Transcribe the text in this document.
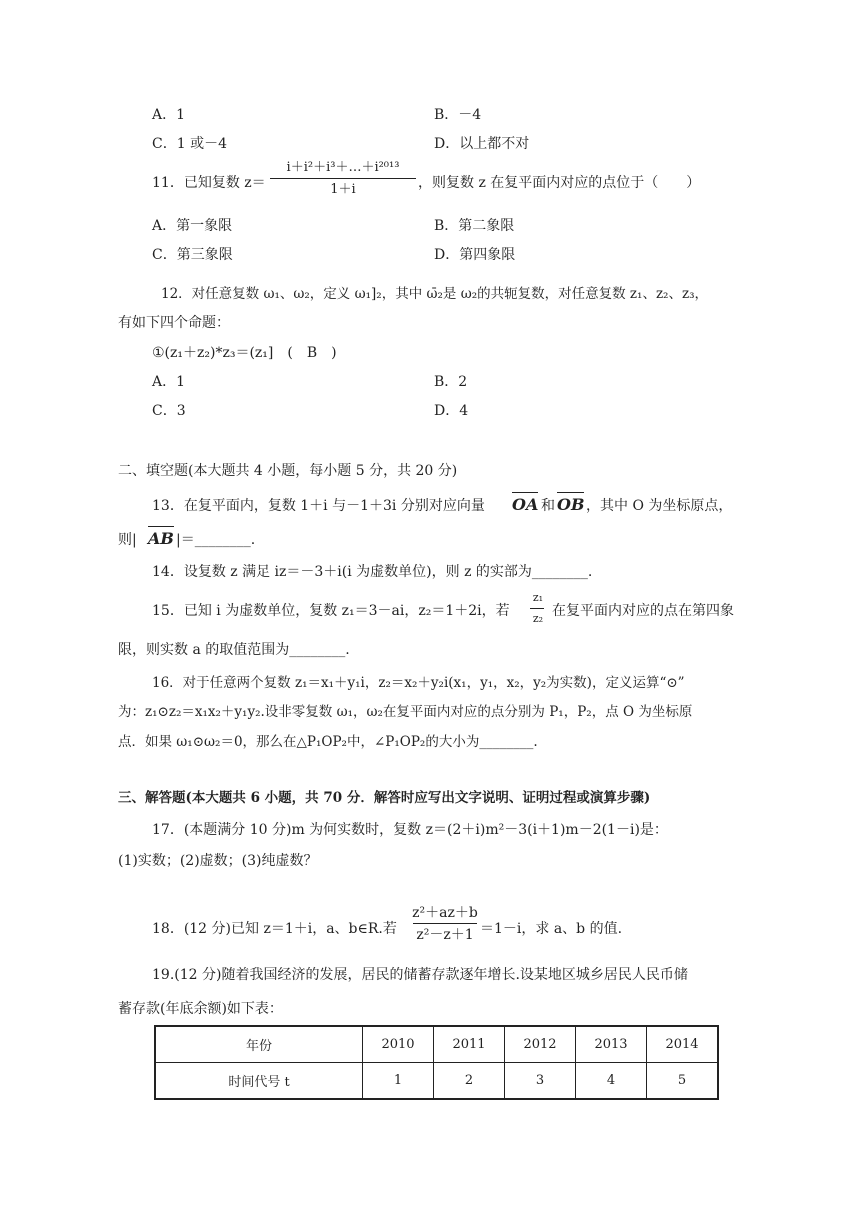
A．1	B．－4
C．1 或－4	D．以上都不对
11．已知复数 z＝
i＋i²＋i³＋…＋i²⁰¹³
1＋i	，则复数 z 在复平面内对应的点位于（　　）
A．第一象限	B．第二象限
C．第三象限	D．第四象限
12．对任意复数 ω₁、ω₂，定义 ω₁]₂，其中 ω̄₂是 ω₂的共轭复数，对任意复数 z₁、z₂、z₃，
有如下四个命题：
①(z₁＋z₂)*z₃＝(z₁]　(　B　)
A．1	B．2
C．3	D．4
二、填空题(本大题共 4 小题，每小题 5 分，共 20 分)
13．在复平面内，复数 1＋i 与－1＋3i 分别对应向量 OA 和 OB ，其中 O 为坐标原点，
则| AB |＝________.
14．设复数 z 满足 iz＝－3＋i(i 为虚数单位)，则 z 的实部为________.
15．已知 i 为虚数单位，复数 z₁＝3－ai，z₂＝1＋2i，若
z₁
z₂ 在复平面内对应的点在第四象
限，则实数 a 的取值范围为________.
16．对于任意两个复数 z₁＝x₁＋y₁i，z₂＝x₂＋y₂i(x₁，y₁，x₂，y₂为实数)，定义运算“⊙”
为：z₁⊙z₂＝x₁x₂＋y₁y₂.设非零复数 ω₁，ω₂在复平面内对应的点分别为 P₁，P₂，点 O 为坐标原
点．如果 ω₁⊙ω₂＝0，那么在△P₁OP₂中，∠P₁OP₂的大小为________.
三、解答题(本大题共 6 小题，共 70 分．解答时应写出文字说明、证明过程或演算步骤)
17．(本题满分 10 分)m 为何实数时，复数 z＝(2＋i)m²－3(i＋1)m－2(1－i)是：
(1)实数；(2)虚数；(3)纯虚数？
18．(12 分)已知 z＝1＋i，a、b∈R.若
z²＋az＋b
z²－z＋1 ＝1－i，求 a、b 的值.
19.(12 分)随着我国经济的发展，居民的储蓄存款逐年增长.设某地区城乡居民人民币储
蓄存款(年底余额)如下表：
年份	2010	2011	2012	2013	2014
时间代号 t	1	2	3	4	5
